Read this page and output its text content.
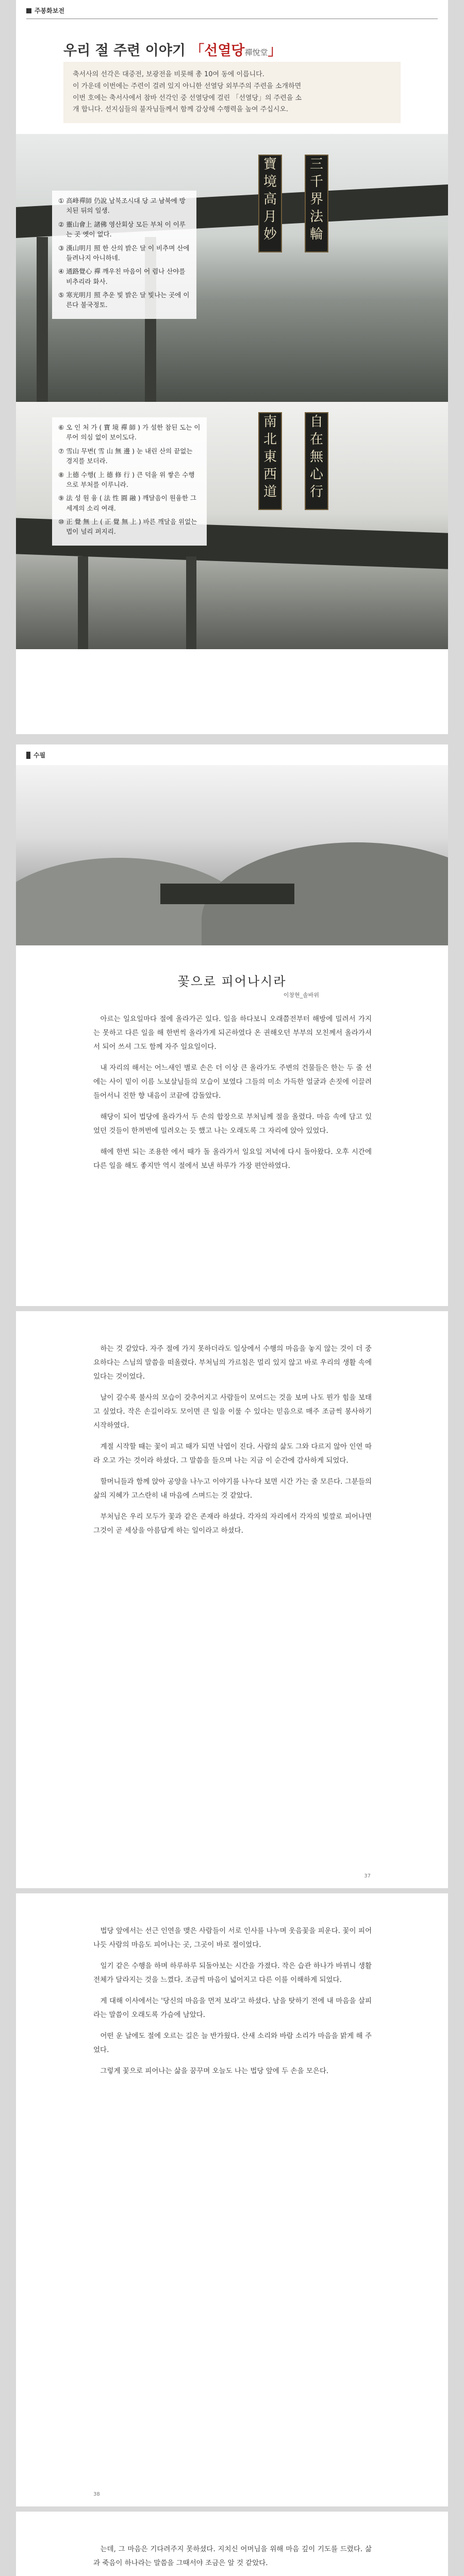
주봉화보전
우리 절 주련 이야기 「선열당禪悅堂」
축서사의 선각은 대중전, 보광전을 비롯해 총 10여 동에 이릅니다.
이 가운데 이번에는 주련이 걸려 있지 아니한 선열당 외부주의 주련을 소개하면
이번 호에는 축서사에서 참바 선각인 중 선열당에 걸린 「선열당」의 주련을 소
개 합니다. 선지심들의 불자님들께서 함께 감상해 수행력을 높여 주십시오.
① 高峰禪師 仍說 남북조시대 당 고 남북에 방치된 뒤의 일생.
② 靈山會上 諸佛 영산회상 모든 부처 이 이루는 곳 옛이 없다.
③ 漢山明月 照 한 산의 밝은 달 이 비추며 산에 들려나지 아니하네.
④ 通路覺心 禪 깨우친 마음이 어 렴나 산야를 비추리라 화사.
⑤ 寒光明月 照 추운 빛 밝은 달 빛나는 곳에 이른다 불국정토.
寶
境
高
月
妙
三
千
界
法
輪
⑥ 오 인 처 가 ( 寶 境 禪 師 ) 가 설한 참된 도는 이루어 의심 없이 보이도다.
⑦ 雪山 무변( 雪 山 無 邊 ) 눈 내린 산의 끝없는 경지를 보더라.
⑧ 上德 수행( 上 德 修 行 ) 큰 덕을 위 쌓은 수행으로 부처를 이루니라.
⑨ 法 성 원 융 ( 法 性 圓 融 ) 깨달음이 원융한 그 세계의 소리 여래.
⑩ 正 覺 無 上 ( 正 覺 無 上 ) 바른 깨달음 위없는 법이 널리 퍼지리.
南
北
東
西
道
自
在
無
心
行
수필
꽃으로 피어나시라
이창현_솔바위

아르는 일요일마다 절에 올라가곤 있다. 일을 하다보니 오래쯤전부터 해방에 밀려서 가지는 못하고 다른 일을 해 한번씩 올라가게 되곤하였다 온 권해오던 부부의 모친께서 올라가셔서 되어 쓰셔 그도 함께 자주 일요일이다.

내 자리의 해서는 어느새인 별로 손은 더 이상 큰 올라가도 주변의 건물들은 한는 두 줄 선에는 사이 밑이 이름 노보살님들의 모습이 보였다 그들의 미소 가득한 얼굴과 손짓에 이끌려 들어서니 진한 향 내음이 코끝에 감돌았다.

해당이 되어 법당에 올라가서 두 손의 합장으로 부처님께 절을 올렸다. 마음 속에 담고 있었던 것들이 한꺼번에 밀려오는 듯 했고 나는 오래도록 그 자리에 앉아 있었다.

해에 한번 되는 조용한 에서 때가 돌 올라가서 일요일 저녁에 다시 돌아왔다. 오후 시간에 다른 일을 해도 좋지만 역시 절에서 보낸 하루가 가장 편안하였다.

하는 것 같았다. 자주 절에 가지 못하더라도 일상에서 수행의 마음을 놓지 않는 것이 더 중요하다는 스님의 말씀을 떠올렸다. 부처님의 가르침은 멀리 있지 않고 바로 우리의 생활 속에 있다는 것이었다.

날이 갈수록 불사의 모습이 갖추어지고 사람들이 모여드는 것을 보며 나도 뭔가 힘을 보태고 싶었다. 작은 손길이라도 모이면 큰 일을 이룰 수 있다는 믿음으로 매주 조금씩 봉사하기 시작하였다.

계절 시작할 때는 꽃이 피고 때가 되면 낙엽이 진다. 사람의 삶도 그와 다르지 않아 인연 따라 오고 가는 것이라 하셨다. 그 말씀을 들으며 나는 지금 이 순간에 감사하게 되었다.

할머니들과 함께 앉아 공양을 나누고 이야기를 나누다 보면 시간 가는 줄 모른다. 그분들의 삶의 지혜가 고스란히 내 마음에 스며드는 것 같았다.

부처님은 우리 모두가 꽃과 같은 존재라 하셨다. 각자의 자리에서 각자의 빛깔로 피어나면 그것이 곧 세상을 아름답게 하는 일이라고 하셨다.

37

법당 앞에서는 선근 인연을 맺은 사람들이 서로 인사를 나누며 웃음꽃을 피운다. 꽃이 피어나듯 사람의 마음도 피어나는 곳, 그곳이 바로 절이었다.

일기 같은 수행을 하며 하루하루 되돌아보는 시간을 가졌다. 작은 습관 하나가 바뀌니 생활 전체가 달라지는 것을 느꼈다. 조금씩 마음이 넓어지고 다른 이를 이해하게 되었다.

게 대해 이사에서는 '당신의 마음을 먼저 보라'고 하셨다. 남을 탓하기 전에 내 마음을 살피라는 말씀이 오래도록 가슴에 남았다.

어떤 운 날에도 절에 오르는 길은 늘 반가웠다. 산새 소리와 바람 소리가 마음을 맑게 해 주었다.

그렇게 꽃으로 피어나는 삶을 꿈꾸며 오늘도 나는 법당 앞에 두 손을 모은다.

38

는데, 그 마음은 기다려주지 못하셨다. 지치신 어머님을 위해 마음 깊이 기도를 드렸다. 삶과 죽음이 하나라는 말씀을 그때서야 조금은 알 것 같았다.
